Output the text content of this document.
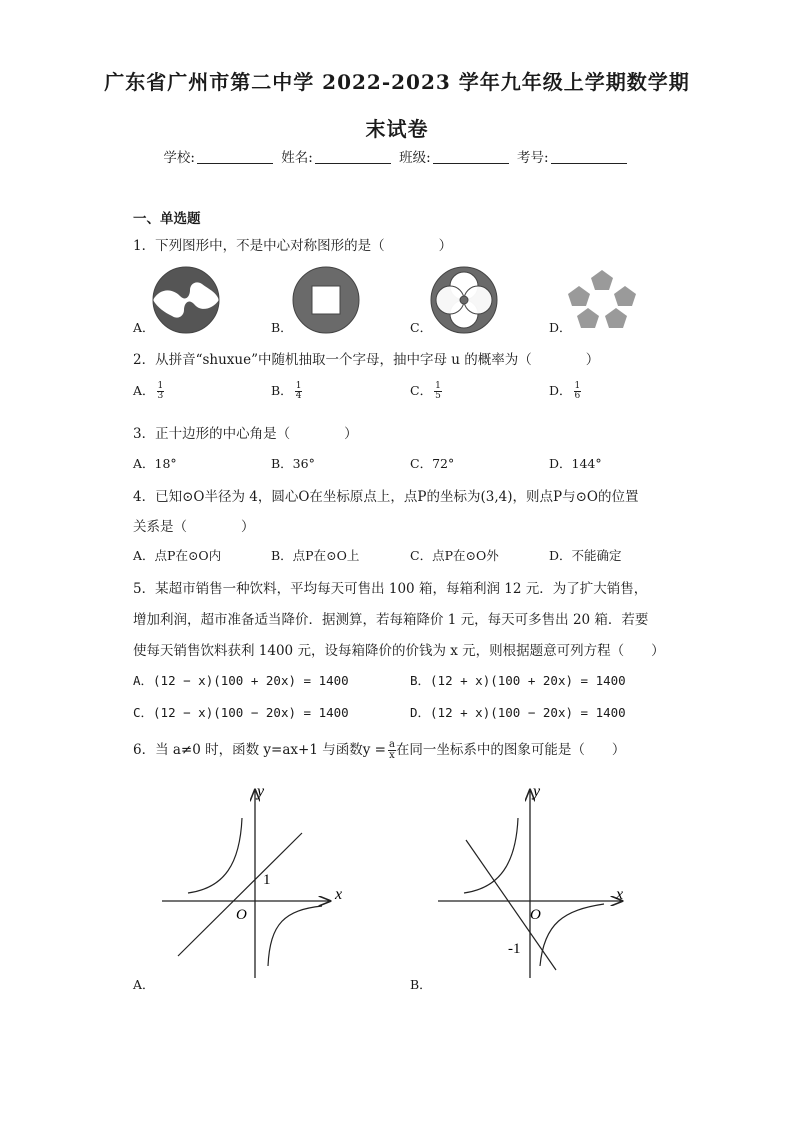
广东省广州市第二中学 2022-2023 学年九年级上学期数学期
末试卷
学校:	姓名:	班级:	考号:
一、单选题
1．下列图形中，不是中心对称图形的是（　　　　）
A．	B．	C．	D．
2．从拼音“shuxue”中随机抽取一个字母，抽中字母 u 的概率为（　　　　）
A． $\frac{1}{3}$	B． $\frac{1}{4}$	C． $\frac{1}{5}$	D． $\frac{1}{6}$
3．正十边形的中心角是（　　　　）
A．18°	B．36°	C．72°	D．144°
4．已知⊙O半径为 4，圆心O在坐标原点上，点P的坐标为(3,4)，则点P与⊙O的位置
关系是（　　　　）
A．点P在⊙O内	B．点P在⊙O上	C．点P在⊙O外	D．不能确定
5．某超市销售一种饮料，平均每天可售出 100 箱，每箱利润 12 元．为了扩大销售，
增加利润，超市准备适当降价．据测算，若每箱降价 1 元，每天可多售出 20 箱．若要
使每天销售饮料获利 1400 元，设每箱降价的价钱为 x 元，则根据题意可列方程（　　）
A．(12 − x)(100 + 20x) = 1400	B．(12 + x)(100 + 20x) = 1400
C．(12 − x)(100 − 20x) = 1400	D．(12 + x)(100 − 20x) = 1400
6．当 a≠0 时，函数 y=ax+1 与函数$y = \frac{a}{x}$ 在同一坐标系中的图象可能是（　　）
y
x
O
1
A．
y
x
O
-1
B．
